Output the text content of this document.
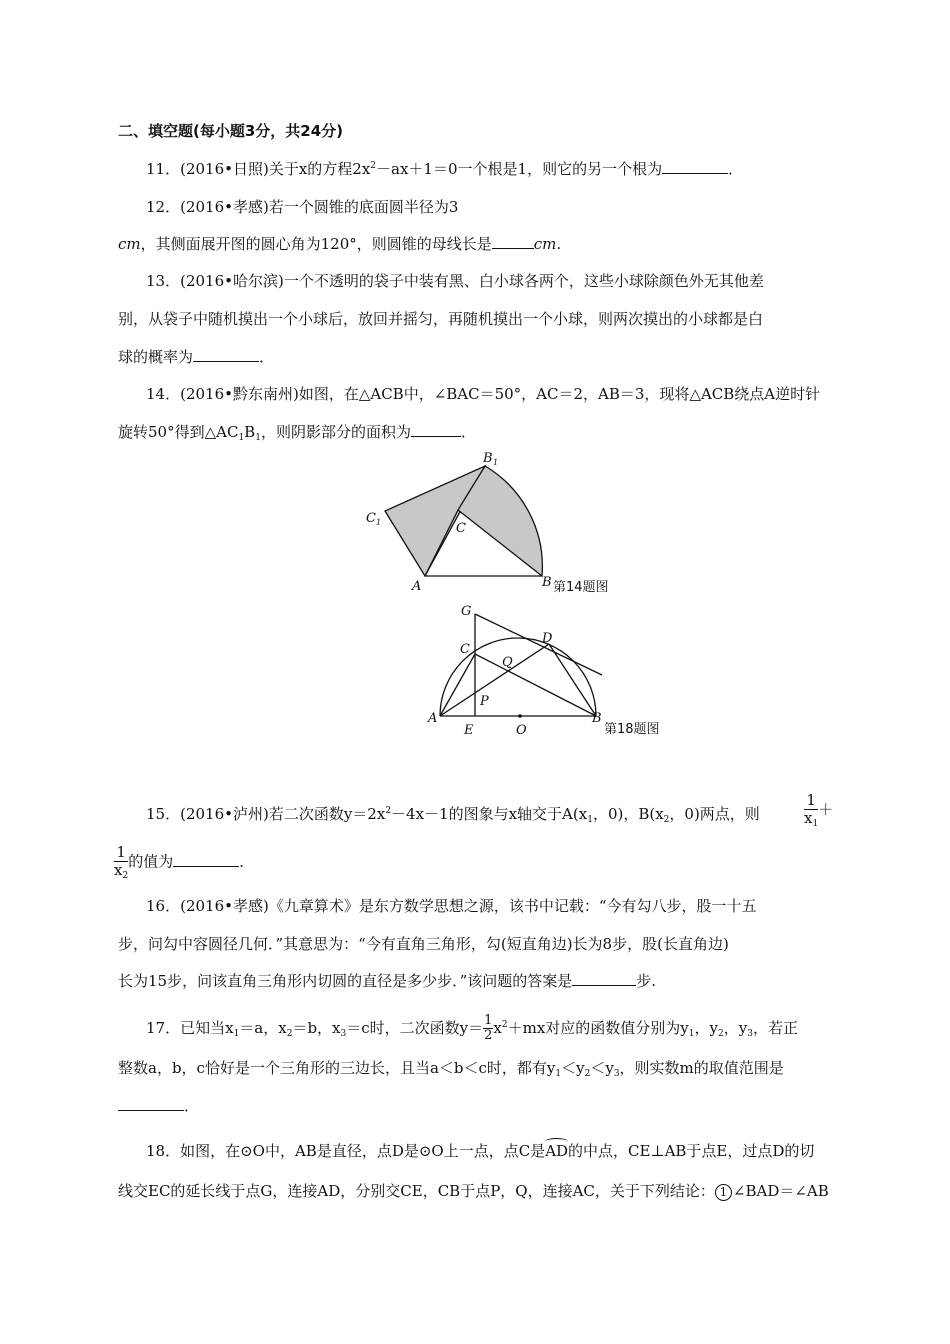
二、填空题(每小题3分，共24分)
11．(2016•日照)关于x的方程$2x^2-ax+1=0$一个根是1，则它的另一个根为	．
12．(2016•孝感)若一个圆锥的底面圆半径为3
cm，其侧面展开图的圆心角为120°，则圆锥的母线长是	cm.
13．(2016•哈尔滨)一个不透明的袋子中装有黑、白小球各两个，这些小球除颜色外无其他差
别，从袋子中随机摸出一个小球后，放回并摇匀，再随机摸出一个小球，则两次摸出的小球都是白
球的概率为	．
14．(2016•黔东南州)如图，在△ACB中，∠BAC＝50°，AC＝2，AB＝3，现将△ACB绕点A逆时针
旋转50°得到$\triangle AC_1B_1$，则阴影部分的面积为	．
B 1
C 1	C
A	B 第14题图
G
D
C
Q
P
A
E	O
B
第18题图
15．(2016•泸州)若二次函数$y=2x^2-4x-1$的图象与x轴交于$A(x_1$，0)，$B(x_2$，0)两点，则	$\frac{1}{x_1}$ ＋
$\frac{1}{x_2}$ 的值为	．
16．(2016•孝感)《九章算术》是东方数学思想之源，该书中记载：“今有勾八步，股一十五
步，问勾中容圆径几何．”其意思为：“今有直角三角形，勾(短直角边)长为8步，股(长直角边)
长为15步，问该直角三角形内切圆的直径是多少步．”该问题的答案是	步.
17．已知当$x_1=a$，$x_2=b$，$x_3=c$时，二次函数$y= \frac{1}{2} x^2+mx$对应的函数值分别为$y_1$，$y_2$，$y_3$，若正
整数a，b，c恰好是一个三角形的三边长，且当a＜b＜c时，都有$y_1<y_2<y_3$，则实数m的取值范围是
．
18．如图，在⊙O中，AB是直径，点D是⊙O上一点，点C是AD的中点，CE⊥AB于点E，过点D的切
线交EC的延长线于点G，连接AD，分别交CE，CB于点P，Q，连接AC，关于下列结论： 1 ∠BAD＝∠AB
